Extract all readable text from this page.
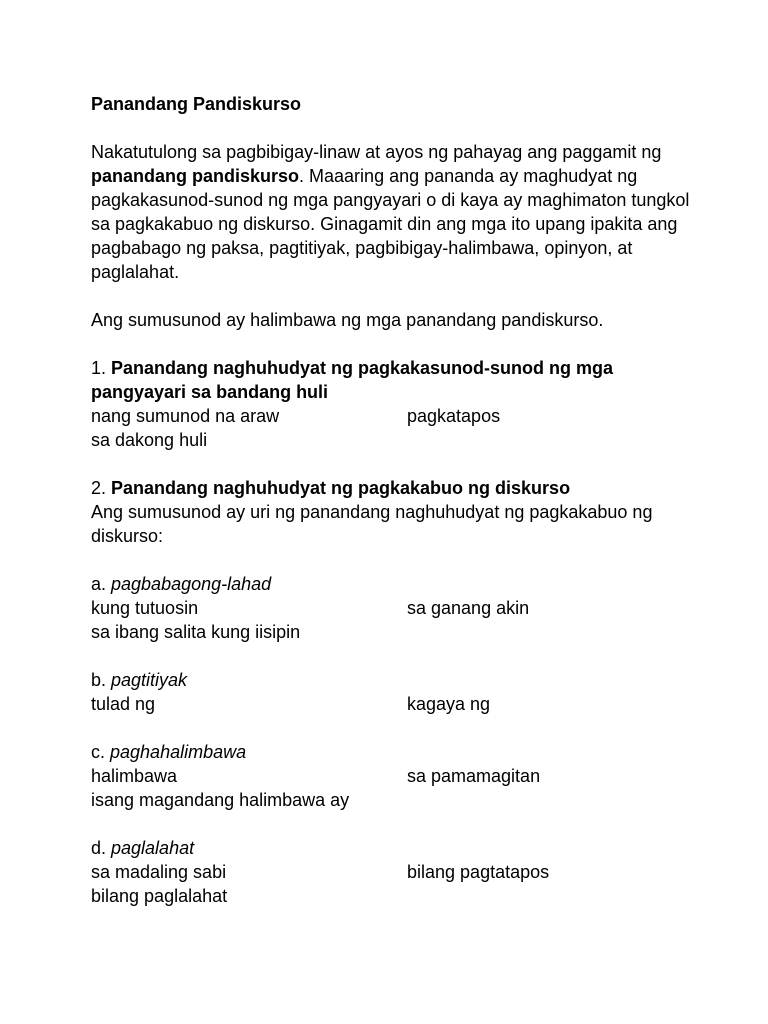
Panandang Pandiskurso

Nakatutulong sa pagbibigay-linaw at ayos ng pahayag ang paggamit ng panandang pandiskurso. Maaaring ang pananda ay maghudyat ng pagkakasunod-sunod ng mga pangyayari o di kaya ay maghimaton tungkol sa pagkakabuo ng diskurso. Ginagamit din ang mga ito upang ipakita ang pagbabago ng paksa, pagtitiyak, pagbibigay-halimbawa, opinyon, at paglalahat.

Ang sumusunod ay halimbawa ng mga panandang pandiskurso.

1. Panandang naghuhudyat ng pagkakasunod-sunod ng mga pangyayari sa bandang huli
nang sumunod na araw	pagkatapos
sa dakong huli
2. Panandang naghuhudyat ng pagkakabuo ng diskurso
Ang sumusunod ay uri ng panandang naghuhudyat ng pagkakabuo ng diskurso:
a. pagbabagong-lahad
kung tutuosin	sa ganang akin
sa ibang salita kung iisipin
b. pagtitiyak
tulad ng	kagaya ng
c. paghahalimbawa
halimbawa	sa pamamagitan
isang magandang halimbawa ay
d. paglalahat
sa madaling sabi	bilang pagtatapos
bilang paglalahat
